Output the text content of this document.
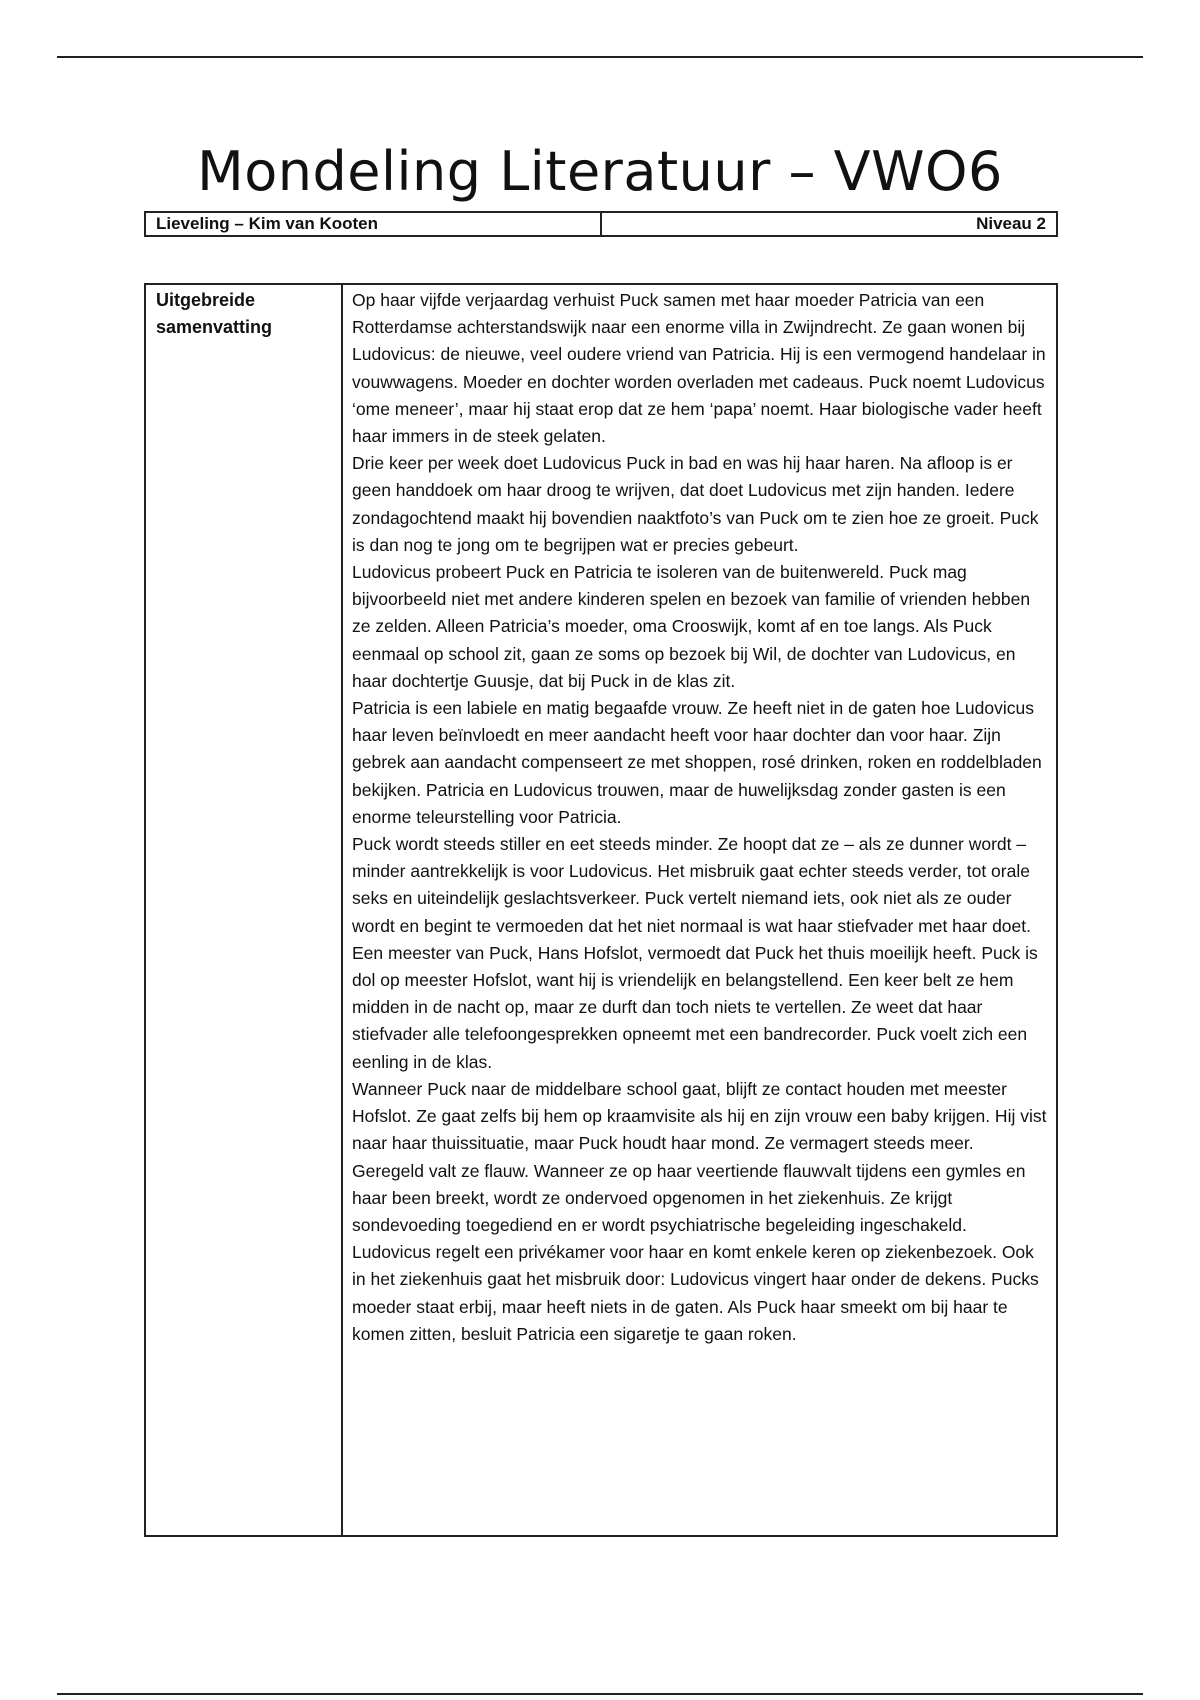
Mondeling Literatuur – VWO6
Lieveling – Kim van Kooten	Niveau 2
Uitgebreide
samenvatting

Op haar vijfde verjaardag verhuist Puck samen met haar moeder Patricia van een Rotterdamse achterstandswijk naar een enorme villa in Zwijndrecht. Ze gaan wonen bij Ludovicus: de nieuwe, veel oudere vriend van Patricia. Hij is een vermogend handelaar in vouwwagens. Moeder en dochter worden overladen met cadeaus. Puck noemt Ludovicus ‘ome meneer’, maar hij staat erop dat ze hem ‘papa’ noemt. Haar biologische vader heeft haar immers in de steek gelaten.

Drie keer per week doet Ludovicus Puck in bad en was hij haar haren. Na afloop is er geen handdoek om haar droog te wrijven, dat doet Ludovicus met zijn handen. Iedere zondagochtend maakt hij bovendien naaktfoto’s van Puck om te zien hoe ze groeit. Puck is dan nog te jong om te begrijpen wat er precies gebeurt.

Ludovicus probeert Puck en Patricia te isoleren van de buitenwereld. Puck mag bijvoorbeeld niet met andere kinderen spelen en bezoek van familie of vrienden hebben ze zelden. Alleen Patricia’s moeder, oma Crooswijk, komt af en toe langs. Als Puck eenmaal op school zit, gaan ze soms op bezoek bij Wil, de dochter van Ludovicus, en haar dochtertje Guusje, dat bij Puck in de klas zit.

Patricia is een labiele en matig begaafde vrouw. Ze heeft niet in de gaten hoe Ludovicus haar leven beïnvloedt en meer aandacht heeft voor haar dochter dan voor haar. Zijn gebrek aan aandacht compenseert ze met shoppen, rosé drinken, roken en roddelbladen bekijken. Patricia en Ludovicus trouwen, maar de huwelijksdag zonder gasten is een enorme teleurstelling voor Patricia.

Puck wordt steeds stiller en eet steeds minder. Ze hoopt dat ze – als ze dunner wordt – minder aantrekkelijk is voor Ludovicus. Het misbruik gaat echter steeds verder, tot orale seks en uiteindelijk geslachtsverkeer. Puck vertelt niemand iets, ook niet als ze ouder wordt en begint te vermoeden dat het niet normaal is wat haar stiefvader met haar doet.

Een meester van Puck, Hans Hofslot, vermoedt dat Puck het thuis moeilijk heeft. Puck is dol op meester Hofslot, want hij is vriendelijk en belangstellend. Een keer belt ze hem midden in de nacht op, maar ze durft dan toch niets te vertellen. Ze weet dat haar stiefvader alle telefoongesprekken opneemt met een bandrecorder. Puck voelt zich een eenling in de klas.

Wanneer Puck naar de middelbare school gaat, blijft ze contact houden met meester Hofslot. Ze gaat zelfs bij hem op kraamvisite als hij en zijn vrouw een baby krijgen. Hij vist naar haar thuissituatie, maar Puck houdt haar mond. Ze vermagert steeds meer. Geregeld valt ze flauw. Wanneer ze op haar veertiende flauwvalt tijdens een gymles en haar been breekt, wordt ze ondervoed opgenomen in het ziekenhuis. Ze krijgt sondevoeding toegediend en er wordt psychiatrische begeleiding ingeschakeld. Ludovicus regelt een privékamer voor haar en komt enkele keren op ziekenbezoek. Ook in het ziekenhuis gaat het misbruik door: Ludovicus vingert haar onder de dekens. Pucks moeder staat erbij, maar heeft niets in de gaten. Als Puck haar smeekt om bij haar te komen zitten, besluit Patricia een sigaretje te gaan roken.
